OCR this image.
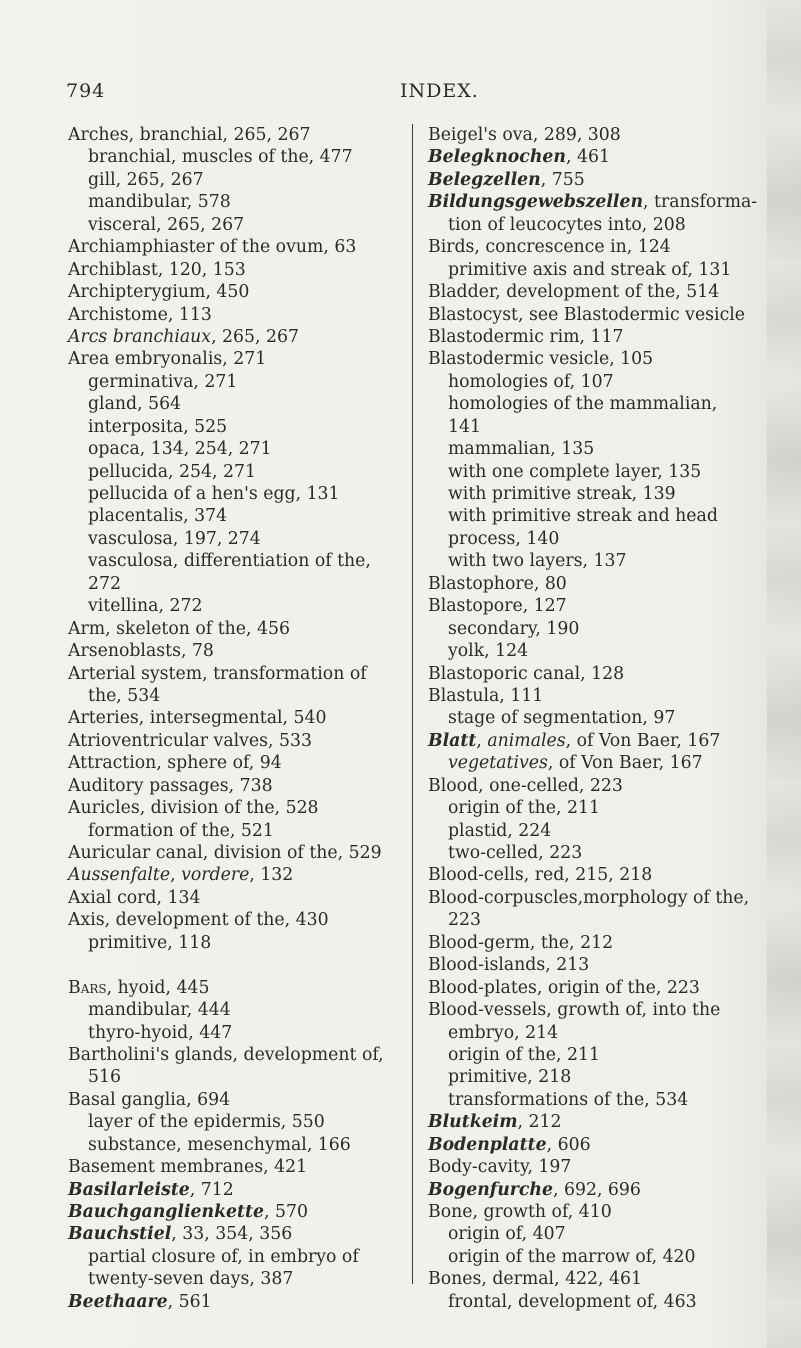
794	INDEX.
Arches, branchial, 265, 267
branchial, muscles of the, 477
gill, 265, 267
mandibular, 578
visceral, 265, 267
Archiamphiaster of the ovum, 63
Archiblast, 120, 153
Archipterygium, 450
Archistome, 113
Arcs branchiaux, 265, 267
Area embryonalis, 271
germinativa, 271
gland, 564
interposita, 525
opaca, 134, 254, 271
pellucida, 254, 271
pellucida of a hen's egg, 131
placentalis, 374
vasculosa, 197, 274
vasculosa, differentiation of the,
272
vitellina, 272
Arm, skeleton of the, 456
Arsenoblasts, 78
Arterial system, transformation of
the, 534
Arteries, intersegmental, 540
Atrioventricular valves, 533
Attraction, sphere of, 94
Auditory passages, 738
Auricles, division of the, 528
formation of the, 521
Auricular canal, division of the, 529
Aussenfalte, vordere, 132
Axial cord, 134
Axis, development of the, 430
primitive, 118
Bars, hyoid, 445
mandibular, 444
thyro-hyoid, 447
Bartholini's glands, development of,
516
Basal ganglia, 694
layer of the epidermis, 550
substance, mesenchymal, 166
Basement membranes, 421
Basilarleiste, 712
Bauchganglienkette, 570
Bauchstiel, 33, 354, 356
partial closure of, in embryo of
twenty-seven days, 387
Beethaare, 561
Beigel's ova, 289, 308
Belegknochen, 461
Belegzellen, 755
Bildungsgewebszellen, transforma-
tion of leucocytes into, 208
Birds, concrescence in, 124
primitive axis and streak of, 131
Bladder, development of the, 514
Blastocyst, see Blastodermic vesicle
Blastodermic rim, 117
Blastodermic vesicle, 105
homologies of, 107
homologies of the mammalian,
141
mammalian, 135
with one complete layer, 135
with primitive streak, 139
with primitive streak and head
process, 140
with two layers, 137
Blastophore, 80
Blastopore, 127
secondary, 190
yolk, 124
Blastoporic canal, 128
Blastula, 111
stage of segmentation, 97
Blatt, animales, of Von Baer, 167
vegetatives, of Von Baer, 167
Blood, one-celled, 223
origin of the, 211
plastid, 224
two-celled, 223
Blood-cells, red, 215, 218
Blood-corpuscles,morphology of the,
223
Blood-germ, the, 212
Blood-islands, 213
Blood-plates, origin of the, 223
Blood-vessels, growth of, into the
embryo, 214
origin of the, 211
primitive, 218
transformations of the, 534
Blutkeim, 212
Bodenplatte, 606
Body-cavity, 197
Bogenfurche, 692, 696
Bone, growth of, 410
origin of, 407
origin of the marrow of, 420
Bones, dermal, 422, 461
frontal, development of, 463
